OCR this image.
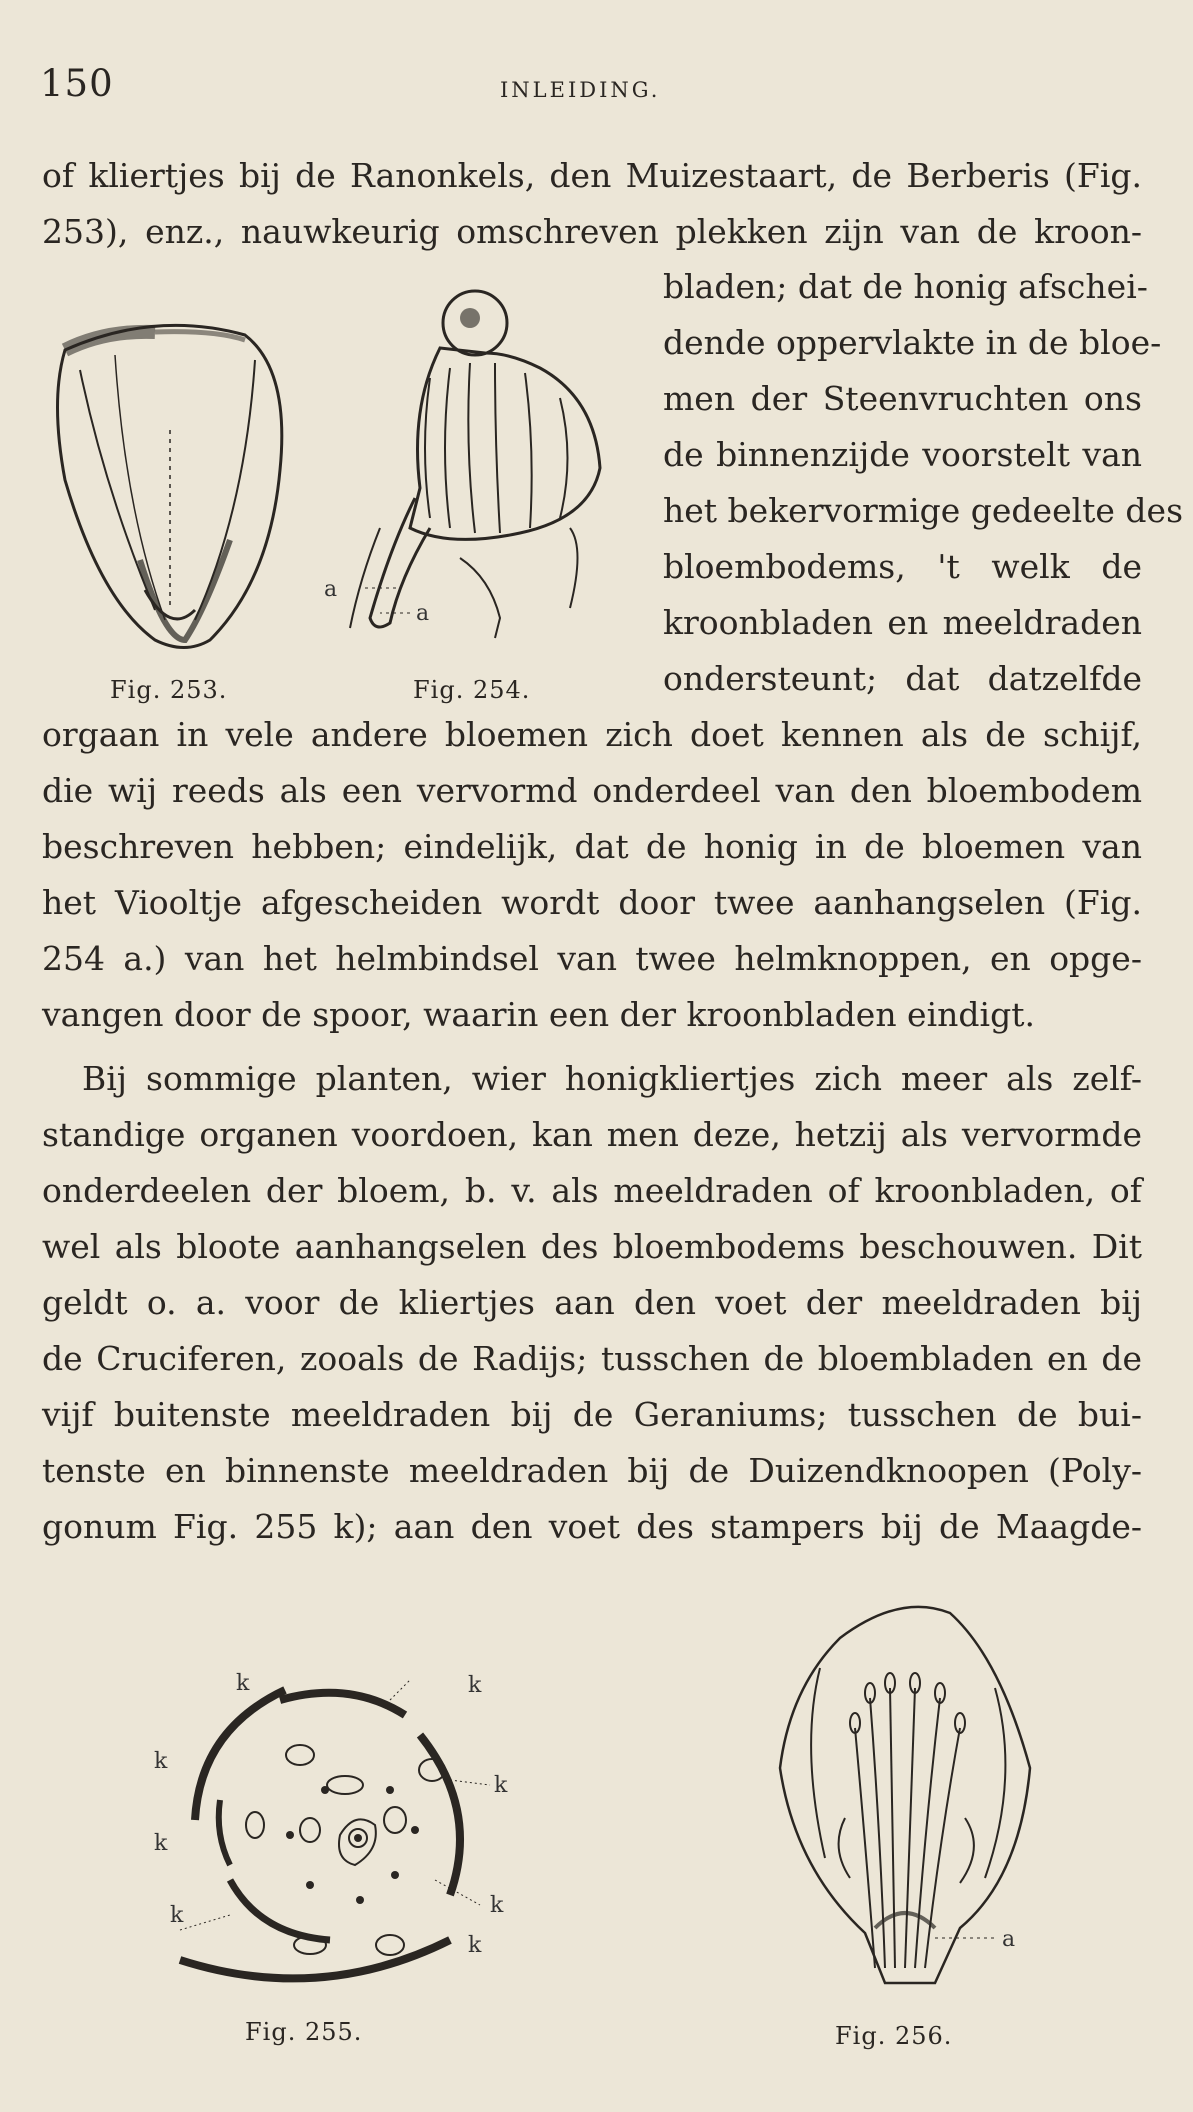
150	INLEIDING.
of kliertjes bij de Ranonkels, den Muizestaart, de Berberis (Fig.
253), enz., nauwkeurig omschreven plekken zijn van de kroon-
bladen; dat de honig afschei-
dende oppervlakte in de bloe-
men der Steenvruchten ons
de binnenzijde voorstelt van
het bekervormige gedeelte des
bloembodems, 't welk de
kroonbladen en meeldraden
ondersteunt; dat datzelfde
orgaan in vele andere bloemen zich doet kennen als de schijf,
die wij reeds als een vervormd onderdeel van den bloembodem
beschreven hebben; eindelijk, dat de honig in de bloemen van
het Viooltje afgescheiden wordt door twee aanhangselen (Fig.
254 a.) van het helmbindsel van twee helmknoppen, en opge-
vangen door de spoor, waarin een der kroonbladen eindigt.
Bij sommige planten, wier honigkliertjes zich meer als zelf-
standige organen voordoen, kan men deze, hetzij als vervormde
onderdeelen der bloem, b. v. als meeldraden of kroonbladen, of
wel als bloote aanhangselen des bloembodems beschouwen. Dit
geldt o. a. voor de kliertjes aan den voet der meeldraden bij
de Cruciferen, zooals de Radijs; tusschen de bloembladen en de
vijf buitenste meeldraden bij de Geraniums; tusschen de bui-
tenste en binnenste meeldraden bij de Duizendknoopen (Poly-
gonum Fig. 255 k); aan den voet des stampers bij de Maagde-
Fig. 253.
a
a
Fig. 254.
k	k
k
k
k
k
k
k
Fig. 255.
a
Fig. 256.
